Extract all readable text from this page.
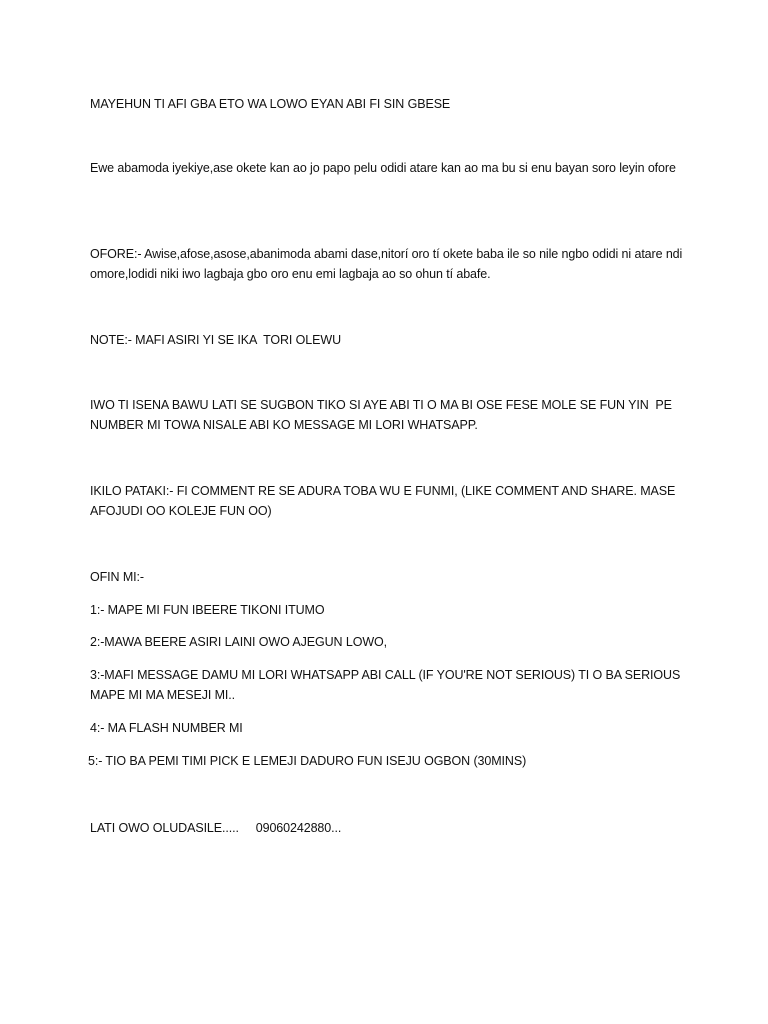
MAYEHUN TI AFI GBA ETO WA LOWO EYAN ABI FI SIN GBESE

Ewe abamoda iyekiye,ase okete kan ao jo papo pelu odidi atare kan ao ma bu si enu bayan soro leyin ofore

OFORE:- Awise,afose,asose,abanimoda abami dase,nitorí oro tí okete baba ile so nile ngbo odidi ni atare ndi omore,lodidi niki iwo lagbaja gbo oro enu emi lagbaja ao so ohun tí abafe.

NOTE:- MAFI ASIRI YI SE IKA  TORI OLEWU

IWO TI ISENA BAWU LATI SE SUGBON TIKO SI AYE ABI TI O MA BI OSE FESE MOLE SE FUN YIN  PE NUMBER MI TOWA NISALE ABI KO MESSAGE MI LORI WHATSAPP.

IKILO PATAKI:- FI COMMENT RE SE ADURA TOBA WU E FUNMI, (LIKE COMMENT AND SHARE. MASE AFOJUDI OO KOLEJE FUN OO)

OFIN MI:-

1:- MAPE MI FUN IBEERE TIKONI ITUMO

2:-MAWA BEERE ASIRI LAINI OWO AJEGUN LOWO,

3:-MAFI MESSAGE DAMU MI LORI WHATSAPP ABI CALL (IF YOU'RE NOT SERIOUS) TI O BA SERIOUS MAPE MI MA MESEJI MI..

4:- MA FLASH NUMBER MI

5:- TIO BA PEMI TIMI PICK E LEMEJI DADURO FUN ISEJU OGBON (30MINS)

LATI OWO OLUDASILE.....     09060242880...
